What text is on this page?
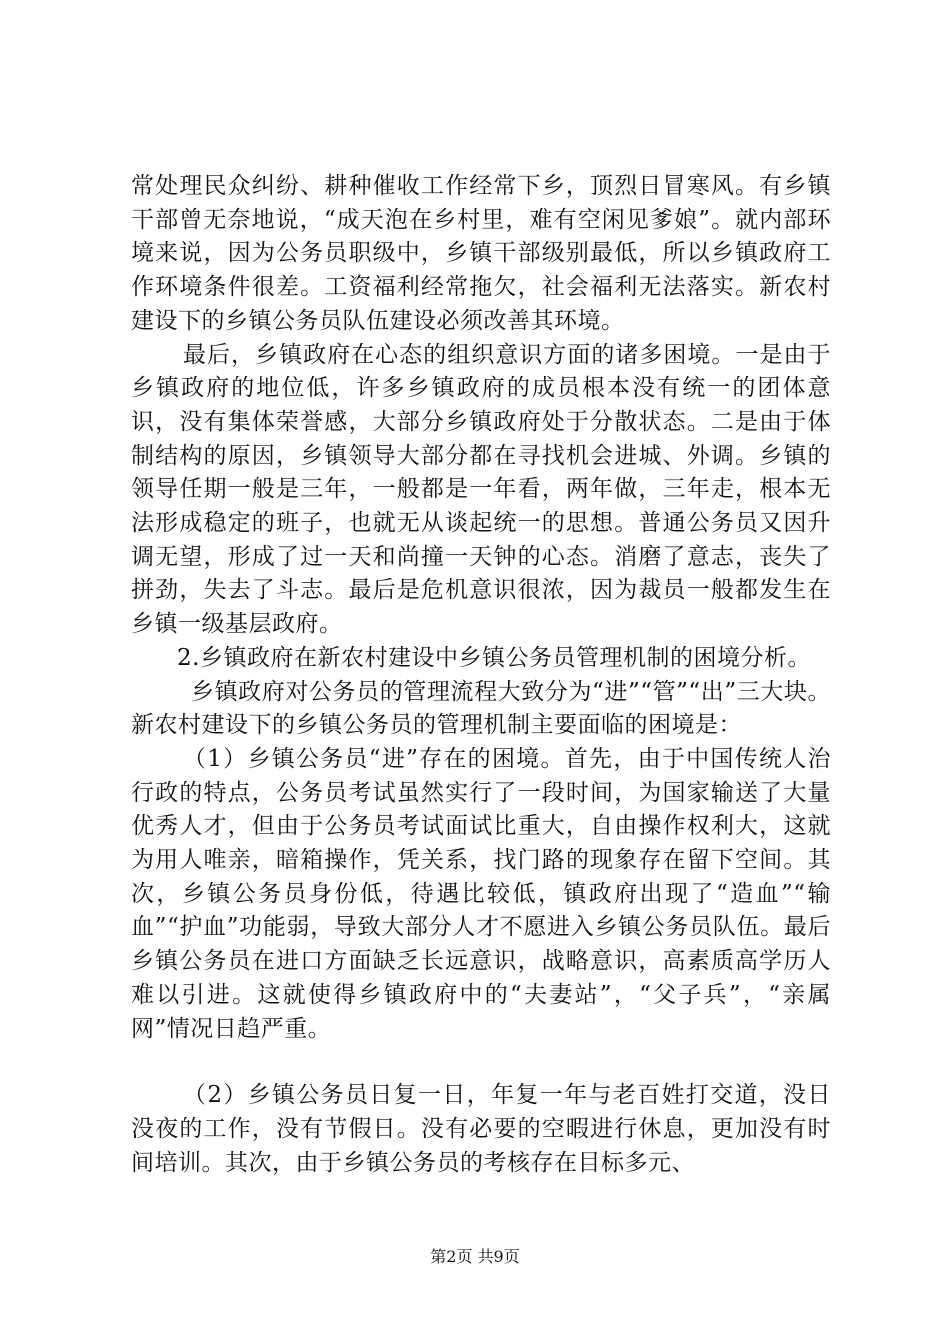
常处理民众纠纷、耕种催收工作经常下乡，顶烈日冒寒风。有乡镇干部曾无奈地说，“成天泡在乡村里，难有空闲见爹娘”。就内部环境来说，因为公务员职级中，乡镇干部级别最低，所以乡镇政府工作环境条件很差。工资福利经常拖欠，社会福利无法落实。新农村建设下的乡镇公务员队伍建设必须改善其环境。

最后，乡镇政府在心态的组织意识方面的诸多困境。一是由于乡镇政府的地位低，许多乡镇政府的成员根本没有统一的团体意识，没有集体荣誉感，大部分乡镇政府处于分散状态。二是由于体制结构的原因，乡镇领导大部分都在寻找机会进城、外调。乡镇的领导任期一般是三年，一般都是一年看，两年做，三年走，根本无法形成稳定的班子，也就无从谈起统一的思想。普通公务员又因升调无望，形成了过一天和尚撞一天钟的心态。消磨了意志，丧失了拼劲，失去了斗志。最后是危机意识很浓，因为裁员一般都发生在乡镇一级基层政府。

2.乡镇政府在新农村建设中乡镇公务员管理机制的困境分析。

乡镇政府对公务员的管理流程大致分为“进”“管”“出”三大块。新农村建设下的乡镇公务员的管理机制主要面临的困境是：

（1）乡镇公务员“进”存在的困境。首先，由于中国传统人治行政的特点，公务员考试虽然实行了一段时间，为国家输送了大量优秀人才，但由于公务员考试面试比重大，自由操作权利大，这就为用人唯亲，暗箱操作，凭关系，找门路的现象存在留下空间。其次，乡镇公务员身份低，待遇比较低，镇政府出现了“造血”“输血”“护血”功能弱，导致大部分人才不愿进入乡镇公务员队伍。最后乡镇公务员在进口方面缺乏长远意识，战略意识，高素质高学历人难以引进。这就使得乡镇政府中的“夫妻站”，“父子兵”，“亲属网”情况日趋严重。

（2）乡镇公务员日复一日，年复一年与老百姓打交道，没日没夜的工作，没有节假日。没有必要的空暇进行休息，更加没有时间培训。其次，由于乡镇公务员的考核存在目标多元、

第2页 共9页
